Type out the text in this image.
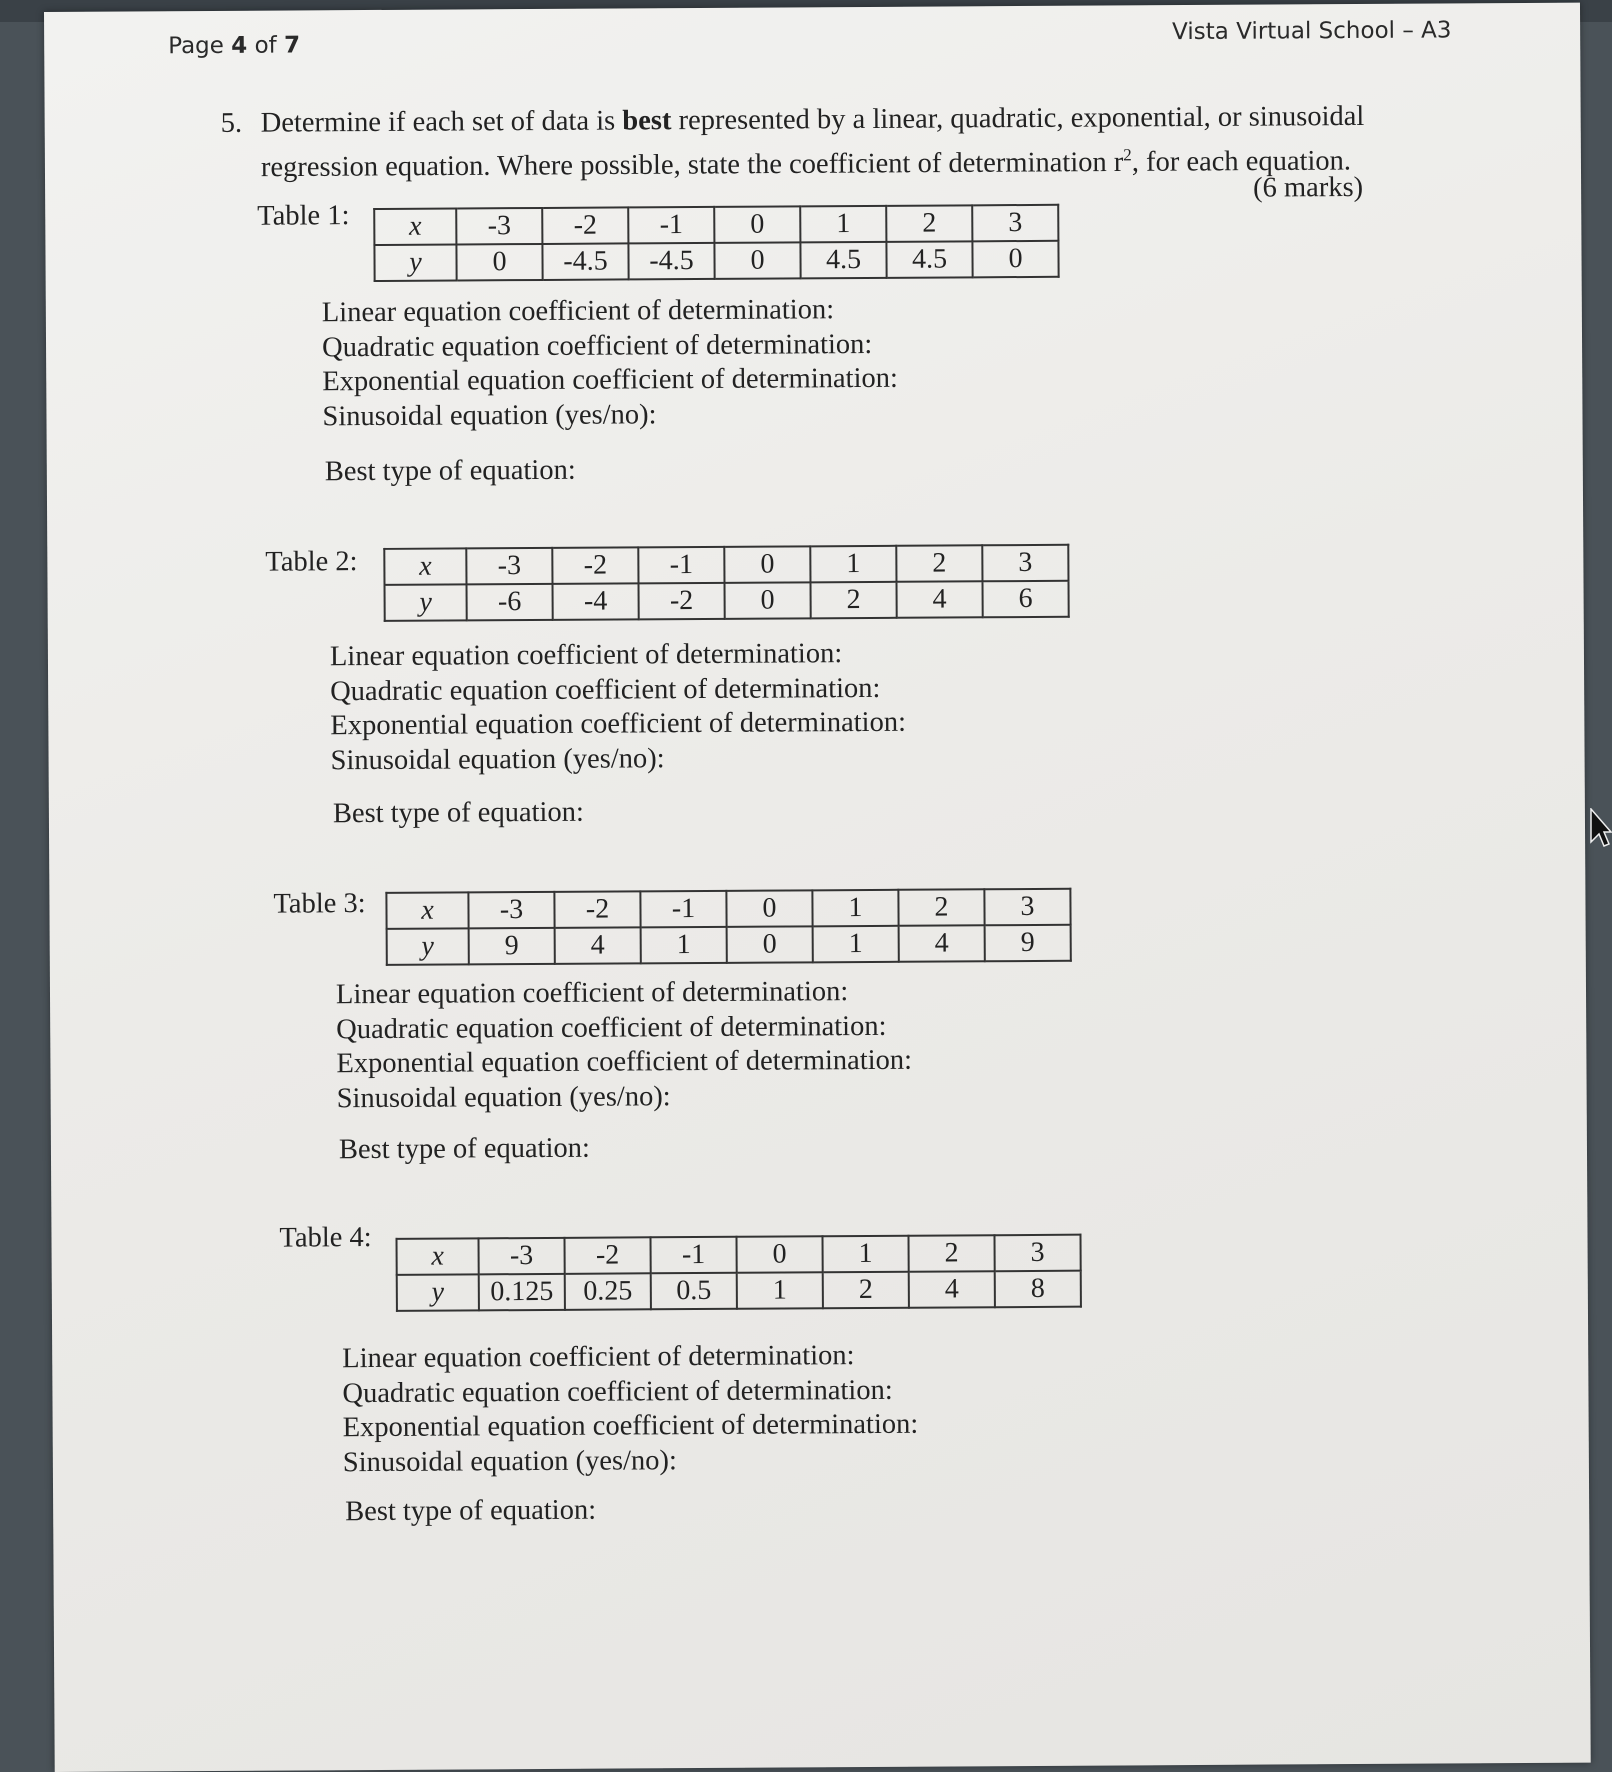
Page 4 of 7
Vista Virtual School – A3
5. Determine if each set of data is best represented by a linear, quadratic, exponential, or sinusoidal regression equation. Where possible, state the coefficient of determination $r^2$, for each equation.
(6 marks)
Table 1: x	-3	-2	-1	0	1	2	3
y	0	-4.5	-4.5	0	4.5	4.5	0
Linear equation coefficient of determination:
Quadratic equation coefficient of determination:
Exponential equation coefficient of determination:
Sinusoidal equation (yes/no):
Best type of equation:
Table 2: x	-3	-2	-1	0	1	2	3
y	-6	-4	-2	0	2	4	6
Linear equation coefficient of determination:
Quadratic equation coefficient of determination:
Exponential equation coefficient of determination:
Sinusoidal equation (yes/no):
Best type of equation:
Table 3: x	-3	-2	-1	0	1	2	3
y	9	4	1	0	1	4	9
Linear equation coefficient of determination:
Quadratic equation coefficient of determination:
Exponential equation coefficient of determination:
Sinusoidal equation (yes/no):
Best type of equation:
Table 4:
x	-3	-2	-1	0	1	2	3
y	0.125	0.25	0.5	1	2	4	8
Linear equation coefficient of determination:
Quadratic equation coefficient of determination:
Exponential equation coefficient of determination:
Sinusoidal equation (yes/no):
Best type of equation:
